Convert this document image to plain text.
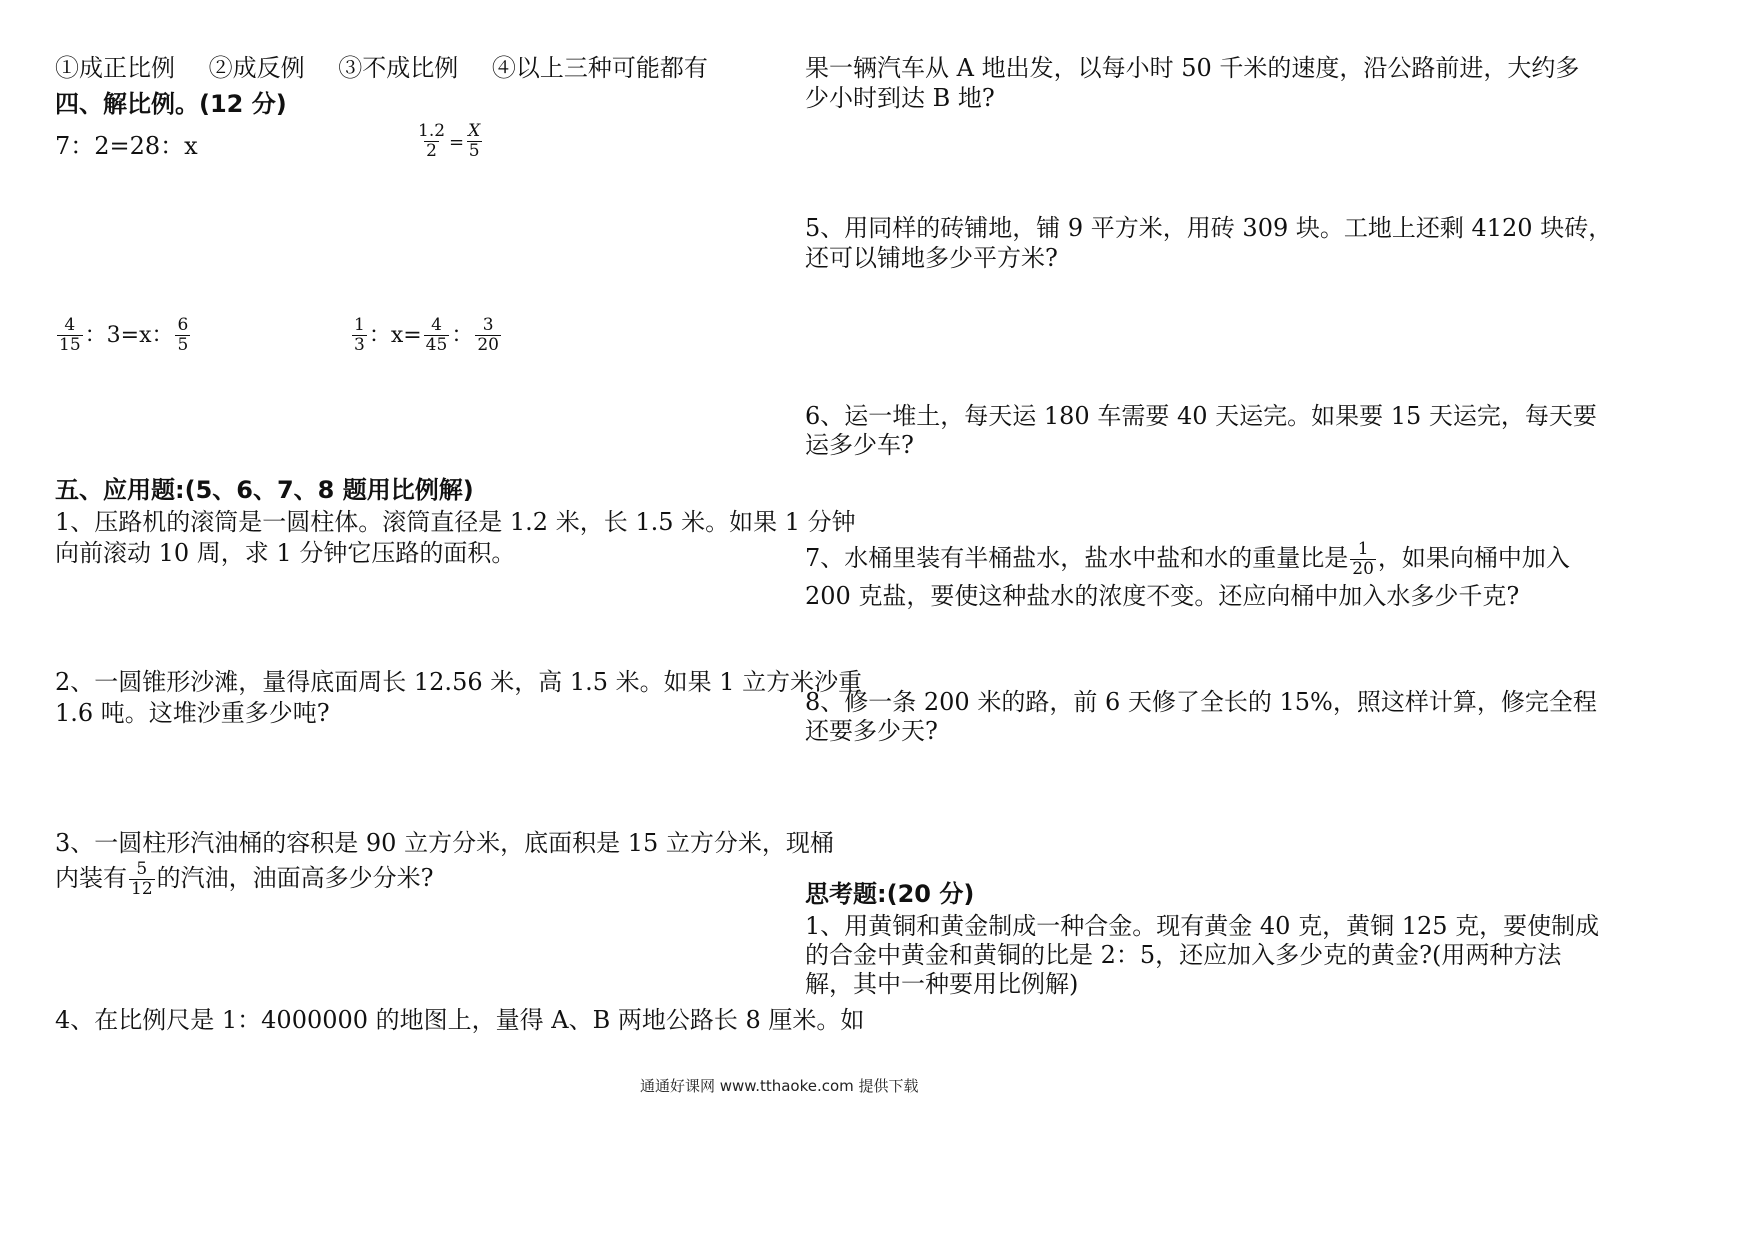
①成正比例 ②成反例 ③不成比例 ④以上三种可能都有
四、解比例。(12 分)
7：2=28：x	$\frac{1.2}{2} = \frac{X}{5}$
$\frac{4}{15}$ ：3=x： $\frac{6}{5}$	$\frac{1}{3}$ ：$x= \frac{4}{45}$ ： $\frac{3}{20}$
五、应用题:(5、6、7、8 题用比例解)
1、压路机的滚筒是一圆柱体。滚筒直径是 1.2 米，长 1.5 米。如果 1 分钟
向前滚动 10 周，求 1 分钟它压路的面积。
2、一圆锥形沙滩，量得底面周长 12.56 米，高 1.5 米。如果 1 立方米沙重
1.6 吨。这堆沙重多少吨?
3、一圆柱形汽油桶的容积是 90 立方分米，底面积是 15 立方分米，现桶
内装有 $\frac{5}{12}$ 的汽油，油面高多少分米?
4、在比例尺是 1：4000000 的地图上，量得 A、B 两地公路长 8 厘米。如
果一辆汽车从 A 地出发，以每小时 50 千米的速度，沿公路前进，大约多
少小时到达 B 地?
5、用同样的砖铺地，铺 9 平方米，用砖 309 块。工地上还剩 4120 块砖，
还可以铺地多少平方米?
6、运一堆土，每天运 180 车需要 40 天运完。如果要 15 天运完，每天要
运多少车?
7、水桶里装有半桶盐水，盐水中盐和水的重量比是 $\frac{1}{20}$ ，如果向桶中加入
200 克盐，要使这种盐水的浓度不变。还应向桶中加入水多少千克?
8、修一条 200 米的路，前 6 天修了全长的 15%，照这样计算，修完全程
还要多少天?
思考题:(20 分)
1、用黄铜和黄金制成一种合金。现有黄金 40 克，黄铜 125 克，要使制成
的合金中黄金和黄铜的比是 2：5，还应加入多少克的黄金?(用两种方法
解，其中一种要用比例解)
通通好课网 www.tthaoke.com 提供下载
